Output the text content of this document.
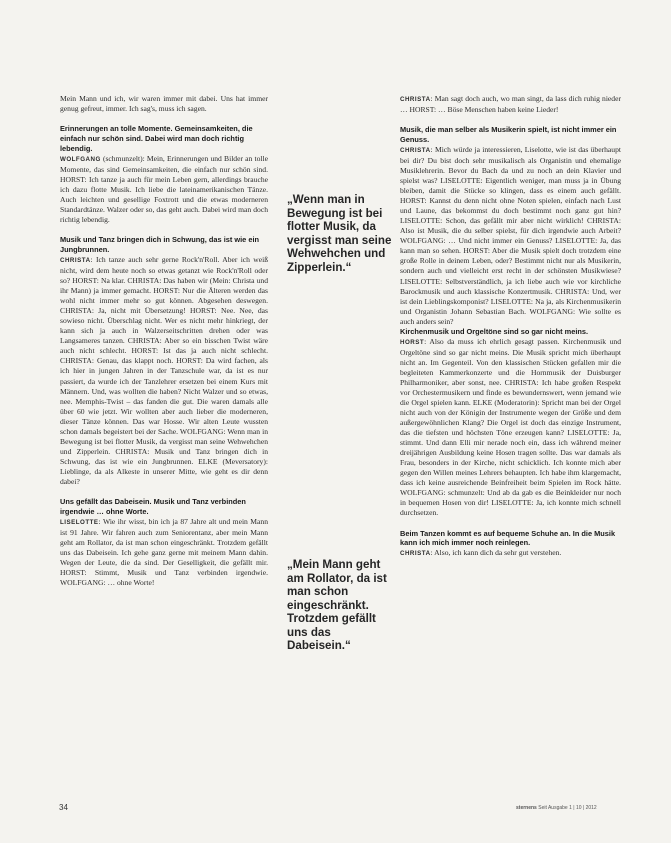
Mein Mann und ich, wir waren immer mit dabei. Uns hat immer genug gefreut, immer. Ich sag's, muss ich sagen.

Erinnerungen an tolle Momente. Gemeinsamkeiten, die einfach nur schön sind. Dabei wird man doch richtig lebendig.

WOLFGANG (schmunzelt): Mein, Erinnerungen und Bilder an tolle Momente, das sind Gemeinsamkeiten, die einfach nur schön sind. HORST: Ich tanze ja auch für mein Leben gern, allerdings brauche ich dazu flotte Musik. Ich liebe die lateinamerikanischen Tänze. Auch leichten und gesellige Foxtrott und die etwas moderneren Standardtänze. Walzer oder so, das geht auch. Dabei wird man doch richtig lebendig.

Musik und Tanz bringen dich in Schwung, das ist wie ein Jungbrunnen.

CHRISTA: Ich tanze auch sehr gerne Rock'n'Roll. Aber ich weiß nicht, wird dem heute noch so etwas getanzt wie Rock'n'Roll oder so? HORST: Na klar. CHRISTA: Das haben wir (Mein: Christa und ihr Mann) ja immer gemacht. HORST: Nur die Älteren werden das wohl nicht immer mehr so gut können. Abgesehen deswegen. CHRISTA: Ja, nicht mit Übersetzung! HORST: Nee. Nee, das sowieso nicht. Überschlag nicht. Wer es nicht mehr hinkriegt, der kann sich ja auch in Walzerseitschritten drehen oder was Langsameres tanzen. CHRISTA: Aber so ein bisschen Twist wäre auch nicht schlecht. HORST: Ist das ja auch nicht schlecht. CHRISTA: Genau, das klappt noch. HORST: Da wird fachen, als ich hier in jungen Jahren in der Tanzschule war, da ist es nur passiert, da wurde ich der Tanzlehrer ersetzen bei einem Kurs mit Männern. Und, was wollten die haben? Nicht Walzer und so etwas, nee. Memphis-Twist – das fanden die gut. Die waren damals alle über 60 wie jetzt. Wir wollten aber auch lieber die moderneren, dieser Tänze können. Das war Hosse. Wir alten Leute wussten schon damals begeistert bei der Sache. WOLFGANG: Wenn man in Bewegung ist bei flotter Musik, da vergisst man seine Wehwehchen und Zipperlein. CHRISTA: Musik und Tanz bringen dich in Schwung, das ist wie ein Jungbrunnen. ELKE (Meversatory): Lieblinge, da als Alkeste in unserer Mitte, wie geht es dir denn dabei?

Uns gefällt das Dabeisein. Musik und Tanz verbinden irgendwie … ohne Worte.

LISELOTTE: Wie ihr wisst, bin ich ja 87 Jahre alt und mein Mann ist 91 Jahre. Wir fahren auch zum Seniorentanz, aber mein Mann geht am Rollator, da ist man schon eingeschränkt. Trotzdem gefällt uns das Dabeisein. Ich gehe ganz gerne mit meinem Mann dahin. Wegen der Leute, die da sind. Der Geselligkeit, die gefällt mir. HORST: Stimmt, Musik und Tanz verbinden irgendwie. WOLFGANG: … ohne Worte!

„Wenn man in Bewegung ist bei flotter Musik, da vergisst man seine Wehwehchen und Zipperlein.“
„Mein Mann geht am Rollator, da ist man schon eingeschränkt. Trotzdem gefällt uns das Dabeisein.“

CHRISTA: Man sagt doch auch, wo man singt, da lass dich ruhig nieder … HORST: … Böse Menschen haben keine Lieder!

Musik, die man selber als Musikerin spielt, ist nicht immer ein Genuss.

CHRISTA: Mich würde ja interessieren, Liselotte, wie ist das überhaupt bei dir? Du bist doch sehr musikalisch als Organistin und ehemalige Musiklehrerin. Bevor du Bach da und zu noch an dein Klavier und spielst was? LISELOTTE: Eigentlich weniger, man muss ja in Übung bleiben, damit die Stücke so klingen, dass es einem auch gefällt. HORST: Kannst du denn nicht ohne Noten spielen, einfach nach Lust und Laune, das bekommst du doch bestimmt noch ganz gut hin? LISELOTTE: Schon, das gefällt mir aber nicht wirklich! CHRISTA: Also ist Musik, die du selber spielst, für dich irgendwie auch Arbeit? WOLFGANG: … Und nicht immer ein Genuss? LISELOTTE: Ja, das kann man so sehen. HORST: Aber die Musik spielt doch trotzdem eine große Rolle in deinem Leben, oder? Bestimmt nicht nur als Musikerin, sondern auch und vielleicht erst recht in der schönsten Musikwiese? LISELOTTE: Selbstverständlich, ja ich liebe auch wie vor kirchliche Barockmusik und auch klassische Konzertmusik. CHRISTA: Und, wer ist dein Lieblingskomponist? LISELOTTE: Na ja, als Kirchenmusikerin und Organistin Johann Sebastian Bach. WOLFGANG: Wie sollte es auch anders sein?

Kirchenmusik und Orgeltöne sind so gar nicht meins.

HORST: Also da muss ich ehrlich gesagt passen. Kirchenmusik und Orgeltöne sind so gar nicht meins. Die Musik spricht mich überhaupt nicht an. Im Gegenteil. Von den klassischen Stücken gefallen mir die begleiteten Kammerkonzerte und die Hornmusik der Duisburger Philharmoniker, aber sonst, nee. CHRISTA: Ich habe großen Respekt vor Orchestermusikern und finde es bewundernswert, wenn jemand wie die Orgel spielen kann. ELKE (Moderatorin): Spricht man bei der Orgel nicht auch von der Königin der Instrumente wegen der Größe und dem außergewöhnlichen Klang? Die Orgel ist doch das einzige Instrument, das die tiefsten und höchsten Töne erzeugen kann? LISELOTTE: Ja, stimmt. Und dann Elli mir nerade noch ein, dass ich während meiner dreijährigen Ausbildung keine Hosen tragen sollte. Das war damals als Frau, besonders in der Kirche, nicht schicklich. Ich konnte mich aber gegen den Willen meines Lehrers behaupten. Ich habe ihm klargemacht, dass ich keine ausreichende Beinfreiheit beim Spielen im Rock hätte. WOLFGANG: schmunzelt: Und ab da gab es die Beinkleider nur noch in bequemen Hosen von dir! LISELOTTE: Ja, ich konnte mich schnell durchsetzen.

Beim Tanzen kommt es auf bequeme Schuhe an. In die Musik kann ich mich immer noch reinlegen.

CHRISTA: Also, ich kann dich da sehr gut verstehen.

34	sternens Seit Ausgabe 1 | 10 | 2012
